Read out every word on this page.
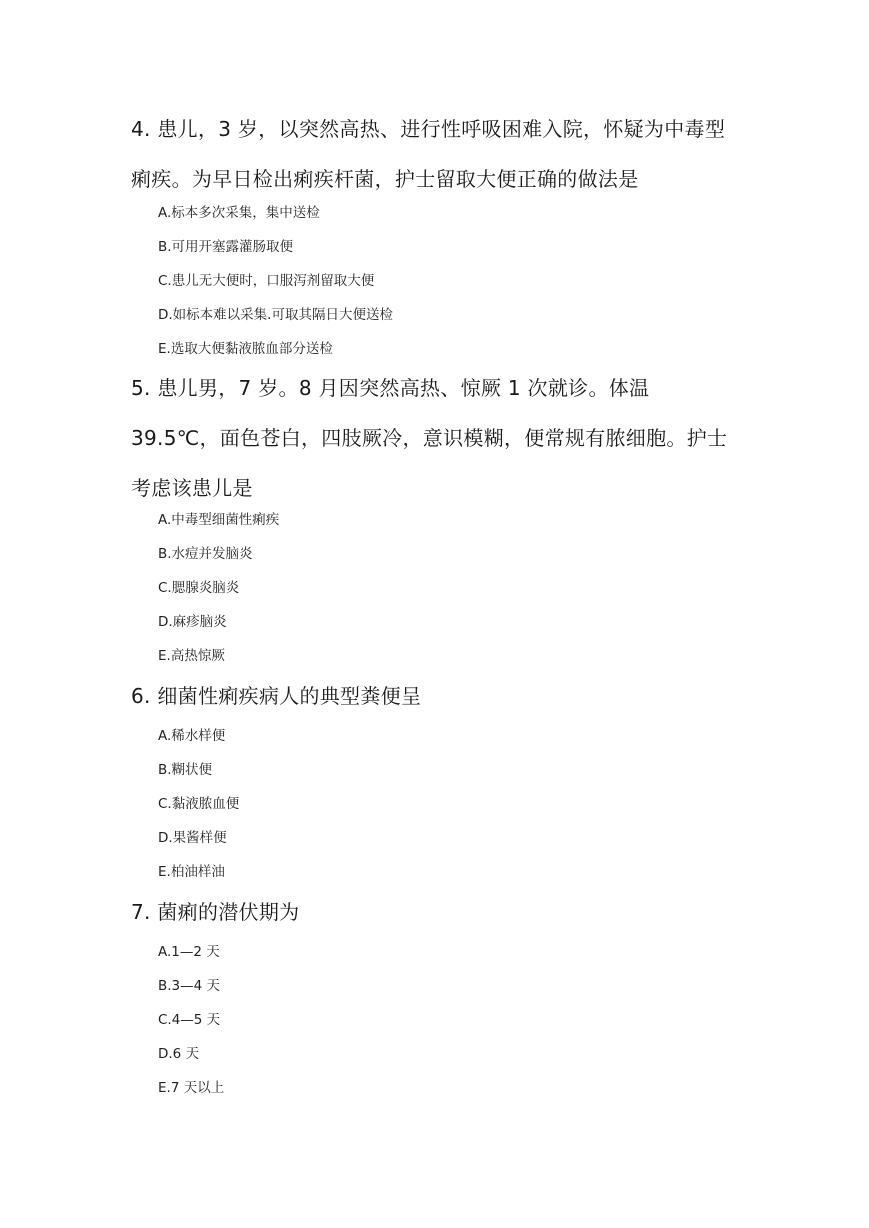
4. 患儿，3 岁，以突然高热、进行性呼吸困难入院，怀疑为中毒型痢疾。为早日检出痢疾杆菌，护士留取大便正确的做法是
A.标本多次采集，集中送检
B.可用开塞露灌肠取便
C.患儿无大便时，口服泻剂留取大便
D.如标本难以采集.可取其隔日大便送检
E.选取大便黏液脓血部分送检
5. 患儿男，7 岁。8 月因突然高热、惊厥 1 次就诊。体温 39.5℃，面色苍白，四肢厥冷，意识模糊，便常规有脓细胞。护士考虑该患儿是
A.中毒型细菌性痢疾
B.水痘并发脑炎
C.腮腺炎脑炎
D.麻疹脑炎
E.高热惊厥
6. 细菌性痢疾病人的典型粪便呈
A.稀水样便
B.糊状便
C.黏液脓血便
D.果酱样便
E.柏油样油
7. 菌痢的潜伏期为
A.1—2 天
B.3—4 天
C.4—5 天
D.6 天
E.7 天以上
